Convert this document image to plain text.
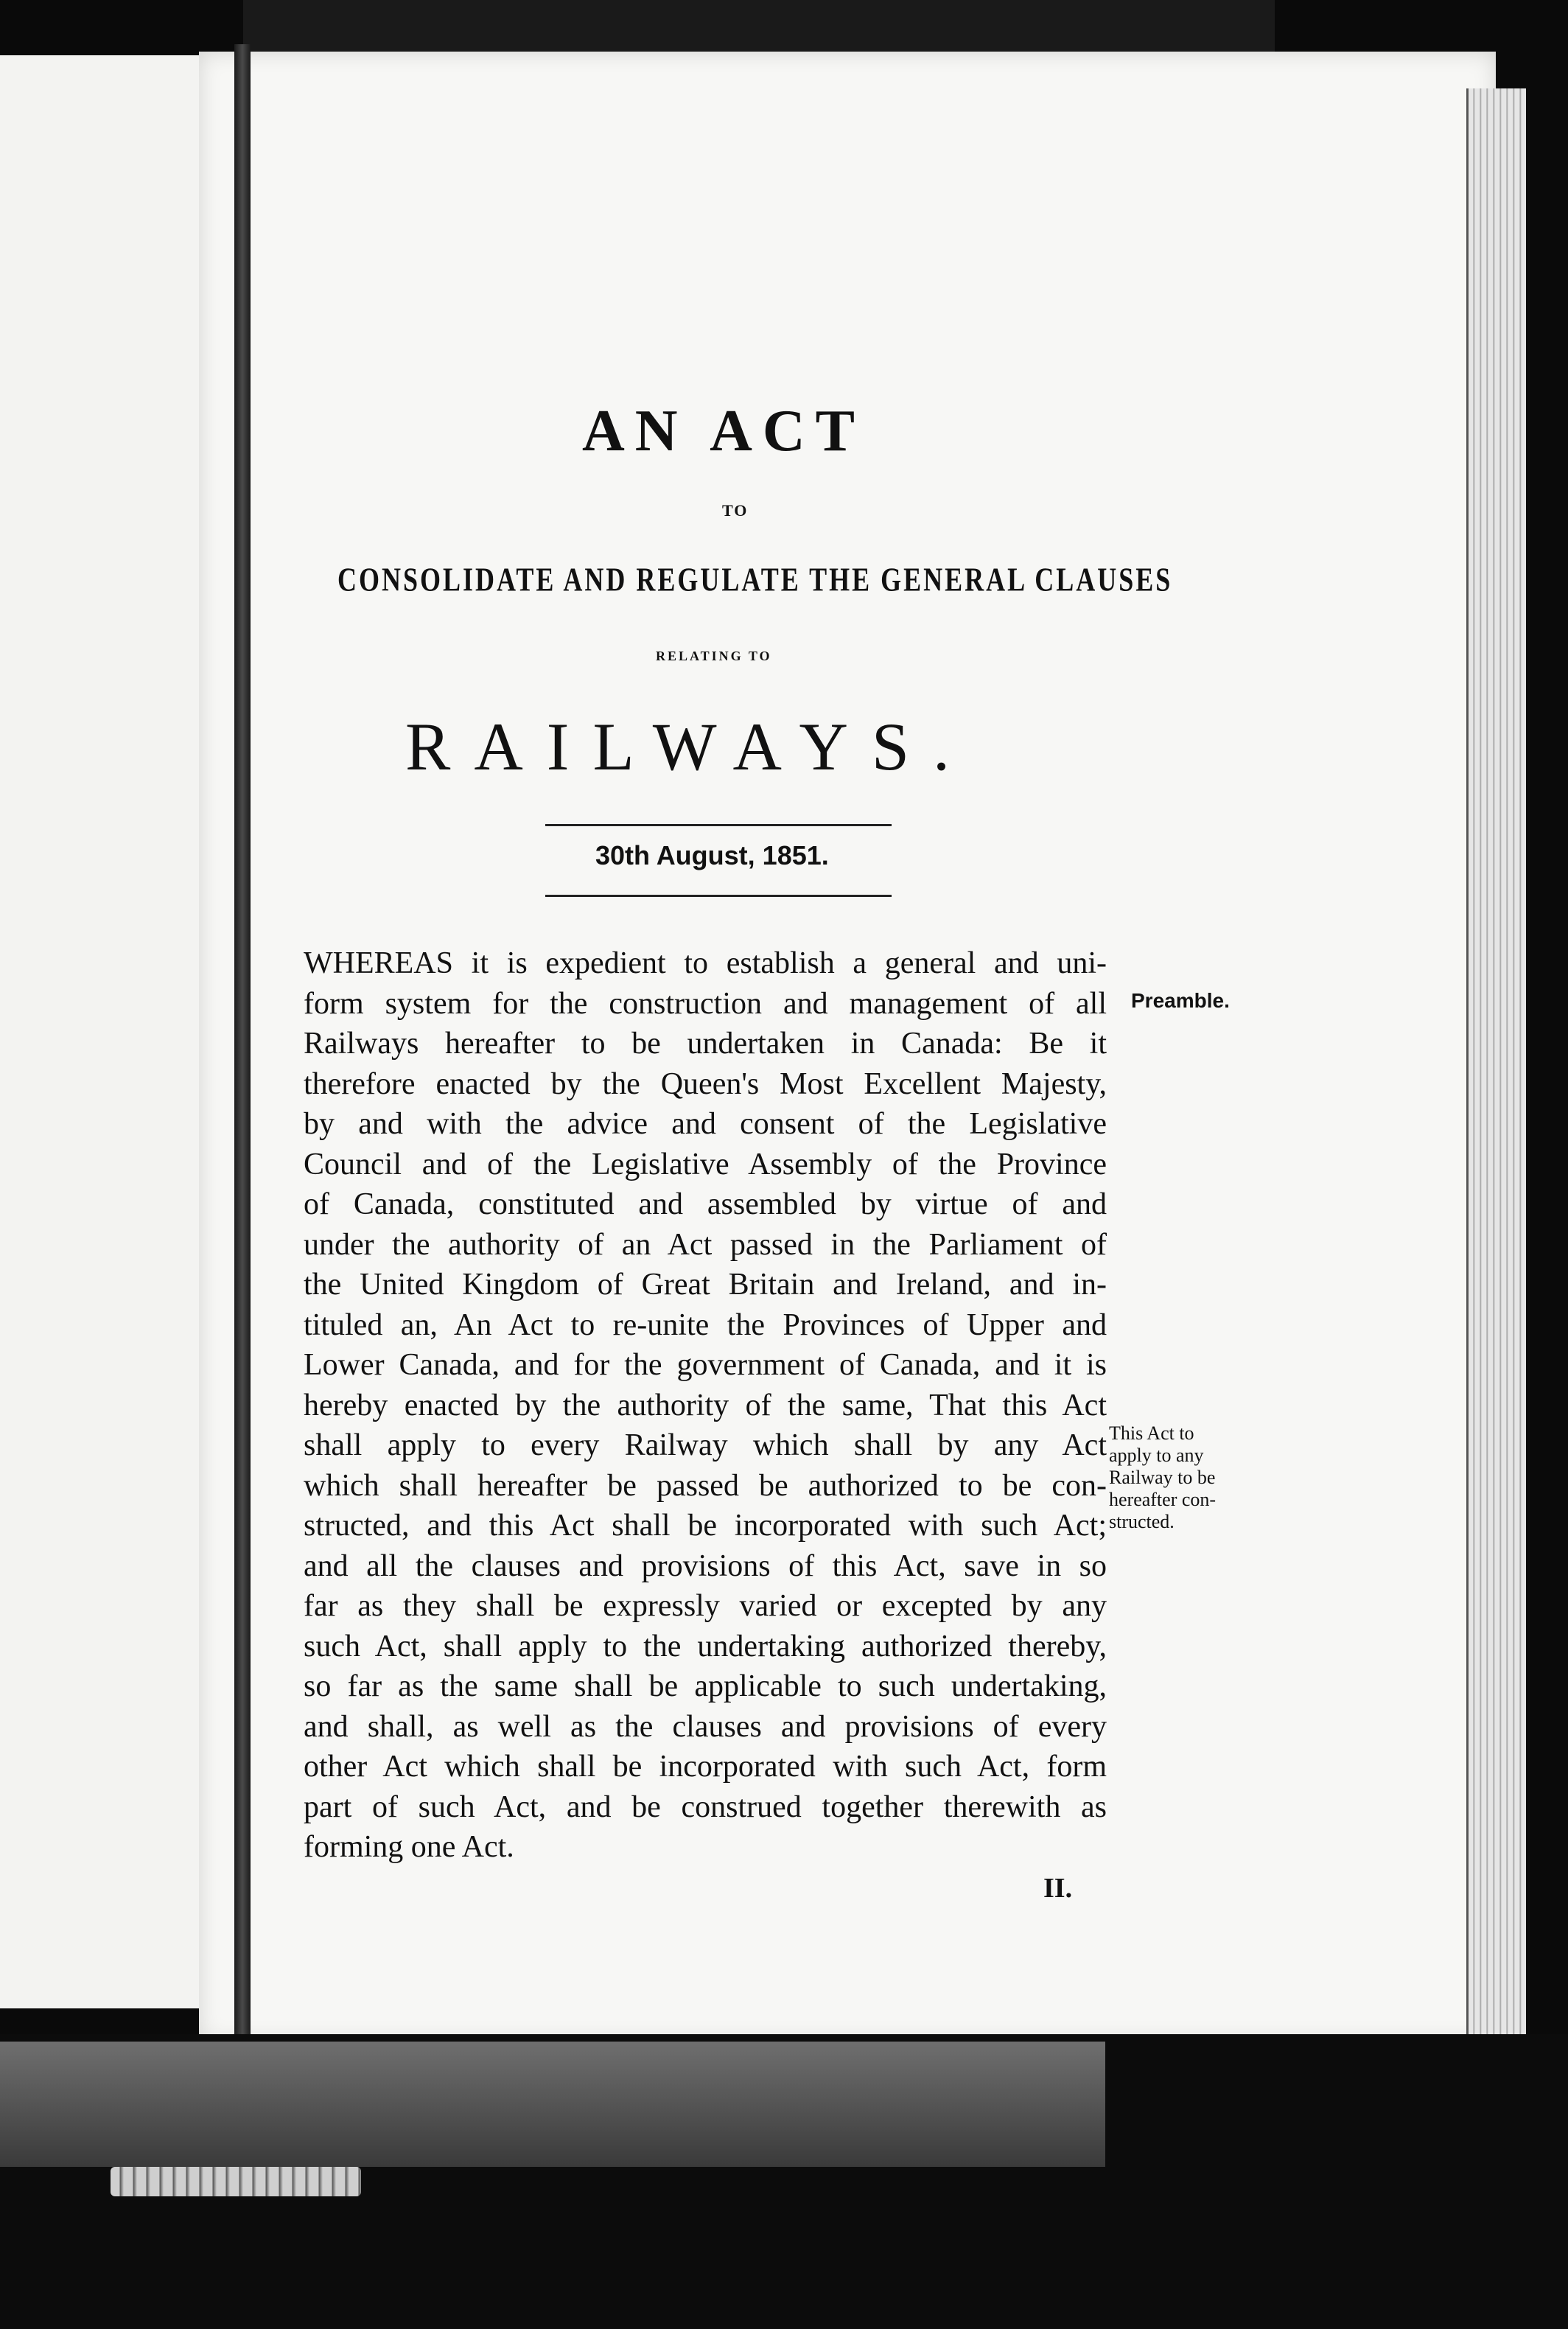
AN ACT
TO
CONSOLIDATE AND REGULATE THE GENERAL CLAUSES
RELATING TO
RAILWAYS.
30th August, 1851.
WHEREAS it is expedient to establish a general and uni-
form system for the construction and management of all
Railways hereafter to be undertaken in Canada: Be it
therefore enacted by the Queen's Most Excellent Majesty,
by and with the advice and consent of the Legislative
Council and of the Legislative Assembly of the Province
of Canada, constituted and assembled by virtue of and
under the authority of an Act passed in the Parliament of
the United Kingdom of Great Britain and Ireland, and in-
tituled an, An Act to re-unite the Provinces of Upper and
Lower Canada, and for the government of Canada, and it is
hereby enacted by the authority of the same, That this Act
shall apply to every Railway which shall by any Act
which shall hereafter be passed be authorized to be con-
structed, and this Act shall be incorporated with such Act;
and all the clauses and provisions of this Act, save in so
far as they shall be expressly varied or excepted by any
such Act, shall apply to the undertaking authorized thereby,
so far as the same shall be applicable to such undertaking,
and shall, as well as the clauses and provisions of every
other Act which shall be incorporated with such Act, form
part of such Act, and be construed together therewith as
forming one Act.
Preamble.
This Act to
apply to any
Railway to be
hereafter con-
structed.
II.
